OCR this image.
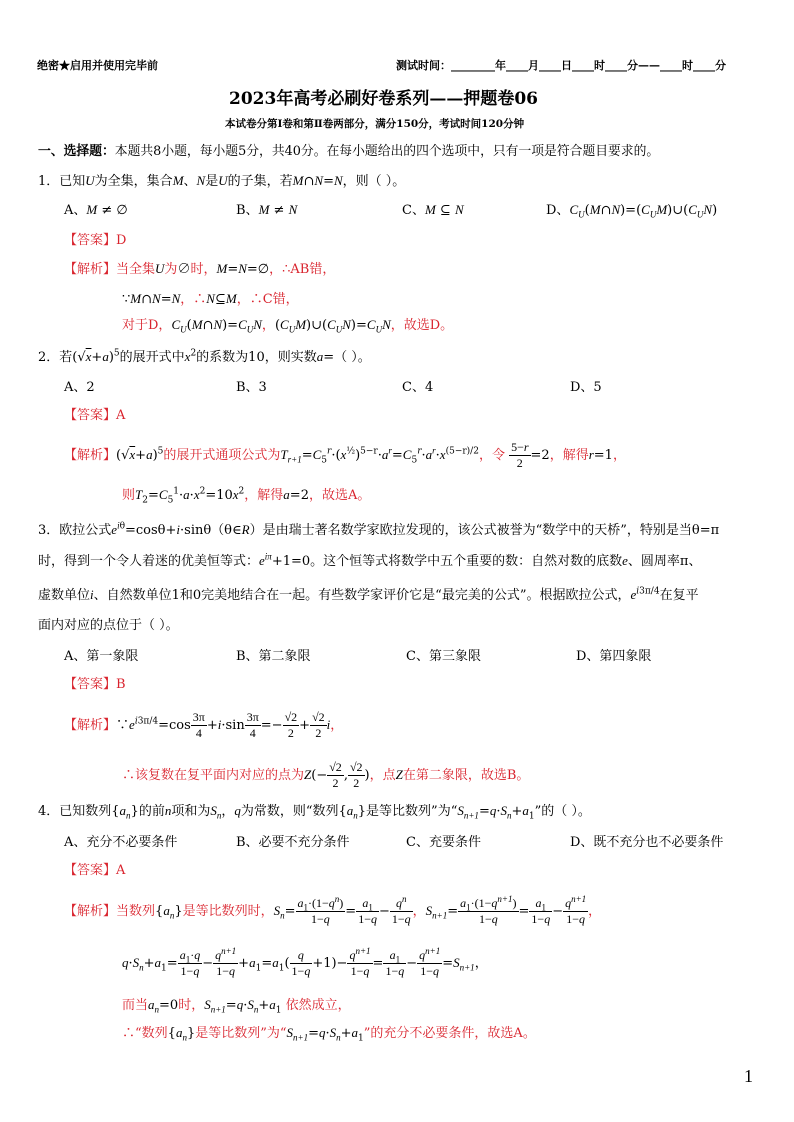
绝密★启用并使用完毕前	测试时间：________年____月____日____时____分——____时____分
2023年高考必刷好卷系列——押题卷06
本试卷分第Ⅰ卷和第Ⅱ卷两部分，满分150分，考试时间120分钟
一、选择题：本题共8小题，每小题5分，共40分。在每小题给出的四个选项中，只有一项是符合题目要求的。
1．已知U为全集，集合M、N是U的子集，若M∩N=N，则（ ）。
A、M ≠ ∅	B、M ≠ N	C、M ⊆ N	D、$C_U(M\cap N)=(C_UM)\cup(C_UN)$
【答案】D
【解析】当全集U为∅时，M=N=∅，∴AB错，
∵M∩N=N，∴N⊆M，∴C错，
对于D，$C_U(M\cap N)=C_UN$，$(C_UM)\cup(C_UN)=C_UN$，故选D。
2．若$(√x+a)^5$的展开式中$x^2$的系数为10，则实数a=（ ）。
A、2	B、3	C、4	D、5
【答案】A
【解析】$(√x+a)^5$的展开式通项公式为$T_{r+1}=C_5^r\cdot(x^{\frac{1}{2}})^{5-r}\cdot a^r=C_5^r\cdot a^r\cdot x^{(5-r)/2}$，令 $\frac{5-r}{2} =2$，解得r=1，
则$T_2=C_5^1\cdot a\cdot x^2=10x^2$，解得a=2，故选A。
3．欧拉公式$e^{i\theta}=\cos\theta+i\cdot\sin\theta(\theta\in R)$是由瑞士著名数学家欧拉发现的，该公式被誉为“数学中的天桥”，特别是当θ=π
时，得到一个令人着迷的优美恒等式：$e^{i\pi}+1=0$。这个恒等式将数学中五个重要的数：自然对数的底数e、圆周率π、
虚数单位i、自然数单位1和0完美地结合在一起。有些数学家评价它是“最完美的公式”。根据欧拉公式，$e^{i3\pi/4}$在复平
面内对应的点位于（ ）。
A、第一象限	B、第二象限	C、第三象限	D、第四象限
【答案】B
【解析】$\because e^{i3\pi/4}=\cos \frac{3\pi}{4} +i\cdot\sin \frac{3\pi}{4} =- \frac{√2}{2} + \frac{√2}{2}$ i，
∴该复数在复平面内对应的点为$Z(- \frac{√2}{2}$ , $\frac{√2}{2}$ )，点Z在第二象限，故选B。
4．已知数列$\{a_n\}$的前n项和为$S_n$，q为常数，则“数列$\{a_n\}$是等比数列”为“$S_{n+1}=q\cdot S_n+a_1$”的（ ）。
A、充分不必要条件	B、必要不充分条件	C、充要条件	D、既不充分也不必要条件
【答案】A
【解析】当数列$\{a_n\}$是等比数列时，$S_n= \frac{a_1\cdot(1-q^n)}{1-q} = \frac{a_1}{1-q} - \frac{q^n}{1-q}$ ，$S_{n+1}= \frac{a_1\cdot(1-q^{n+1})}{1-q} = \frac{a_1}{1-q} - \frac{q^{n+1}}{1-q}$ ，
$q\cdot S_n+a_1= \frac{a_1\cdot q}{1-q} - \frac{q^{n+1}}{1-q} +a_1=a_1( \frac{q}{1-q} +1)- \frac{q^{n+1}}{1-q} = \frac{a_1}{1-q} - \frac{q^{n+1}}{1-q} =S_{n+1}$，
而当$a_n=0$时，$S_{n+1}=q\cdot S_n+a_1$ 依然成立，
∴“数列$\{a_n\}$是等比数列”为“$S_{n+1}=q\cdot S_n+a_1$”的充分不必要条件，故选A。
1
